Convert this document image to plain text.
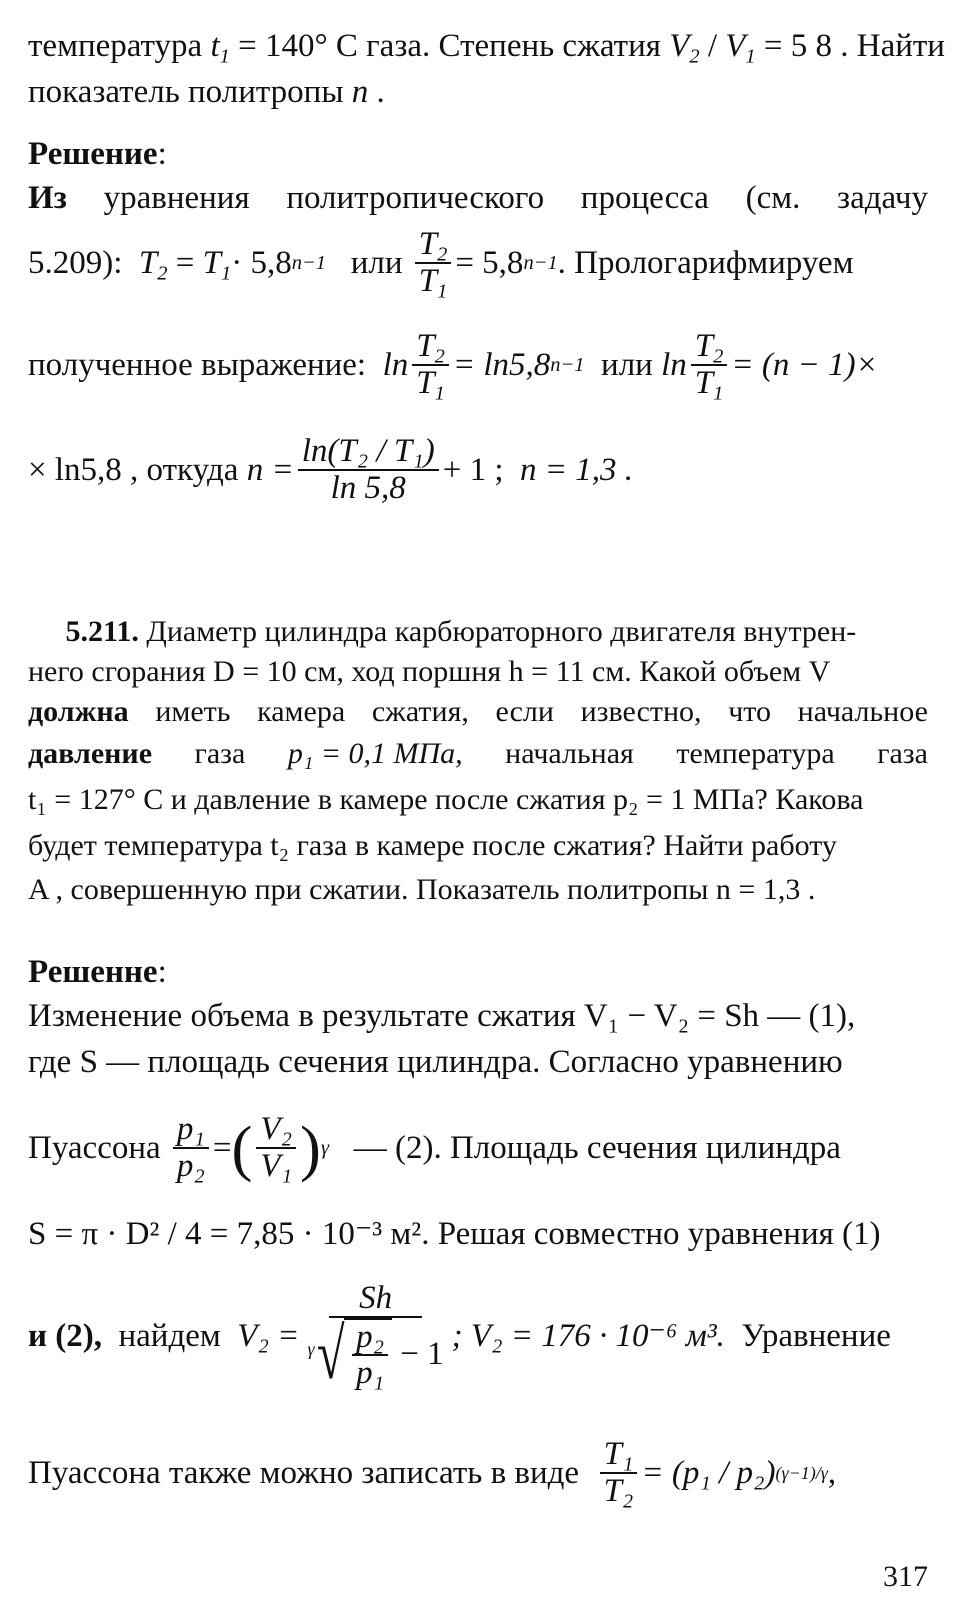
температура $t_1 = 140^\circ$ C газа. Степень сжатия $V_2 / V_1 = 5$ 8 . Найти
показатель политропы n .
Решение:
Из уравнения политропического процесса (см. задачу
5.209):
$T_2$
=
$T_1 \cdot 5,8$ n−1
или
$\frac{T_2}{T_1} = 5,8$ n−1 . Прологарифмируем
полученное выражение:
$\ln \frac{T_2}{T_1} = \ln 5,8$ n−1
или
$\ln \frac{T_2}{T_1} = (n - 1)\times$
× ln5,8 , откуда
$n = \frac{\text{ln(T₂ / T₁)}}{\ln 5,8} + 1$ ;
n = 1,3 .
5.211. Диаметр цилиндра карбюраторного двигателя внутрен-
него сгорания D = 10 см, ход поршня h = 11 см. Какой объем V
должна иметь камера сжатия, если известно, что начальное
давление газа p₁ = 0,1 МПа, начальная температура газа
t₁ = 127° C и давление в камере после сжатия p₂ = 1 МПа? Какова
будет температура t₂ газа в камере после сжатия? Найти работу
A , совершенную при сжатии. Показатель политропы n = 1,3 .
Решенне:
Изменение объема в результате сжатия V₁ − V₂ = Sh — (1),
где S — площадь сечения цилиндра. Согласно уравнению
Пуассона
$\frac{\text{p₁}}{\text{p₂}}$ = ( $\frac{\text{V₂}}{\text{V₁}}$ ) γ
— (2). Площадь сечения цилиндра
S = π · D² / 4 = 7,85 · 10⁻³ м². Решая совместно уравнения (1)
и (2),
найдем
V₂ =
Sh
γ √ $\frac{\text{p₂}}{\text{p₁}}$
− 1 ; V₂ = 176 · 10⁻⁶ м³.
Уравнение
Пуассона также можно записать в виде
$\frac{\text{T₁}}{\text{T₂}} = (p_1 / p_2)$ (γ−1)/γ ,
317
